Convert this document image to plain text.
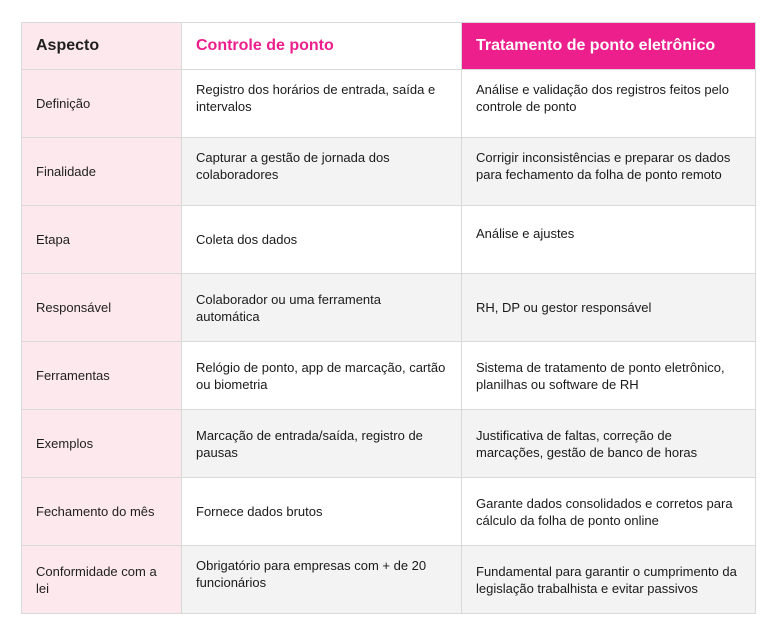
Aspecto	Controle de ponto	Tratamento de ponto eletrônico
Definição	Registro dos horários de entrada, saída e intervalos	Análise e validação dos registros feitos pelo controle de ponto

Finalidade	Capturar a gestão de jornada dos colaboradores	Corrigir inconsistências e preparar os dados para fechamento da folha de ponto remoto

Etapa	Coleta dos dados	Análise e ajustes

Responsável	Colaborador ou uma ferramenta automática	RH, DP ou gestor responsável

Ferramentas	Relógio de ponto, app de marcação, cartão ou biometria	Sistema de tratamento de ponto eletrônico, planilhas ou software de RH

Exemplos	Marcação de entrada/saída, registro de pausas	Justificativa de faltas, correção de marcações, gestão de banco de horas

Fechamento do mês	Fornece dados brutos	Garante dados consolidados e corretos para cálculo da folha de ponto online

Conformidade com a lei	Obrigatório para empresas com + de 20 funcionários	Fundamental para garantir o cumprimento da legislação trabalhista e evitar passivos
